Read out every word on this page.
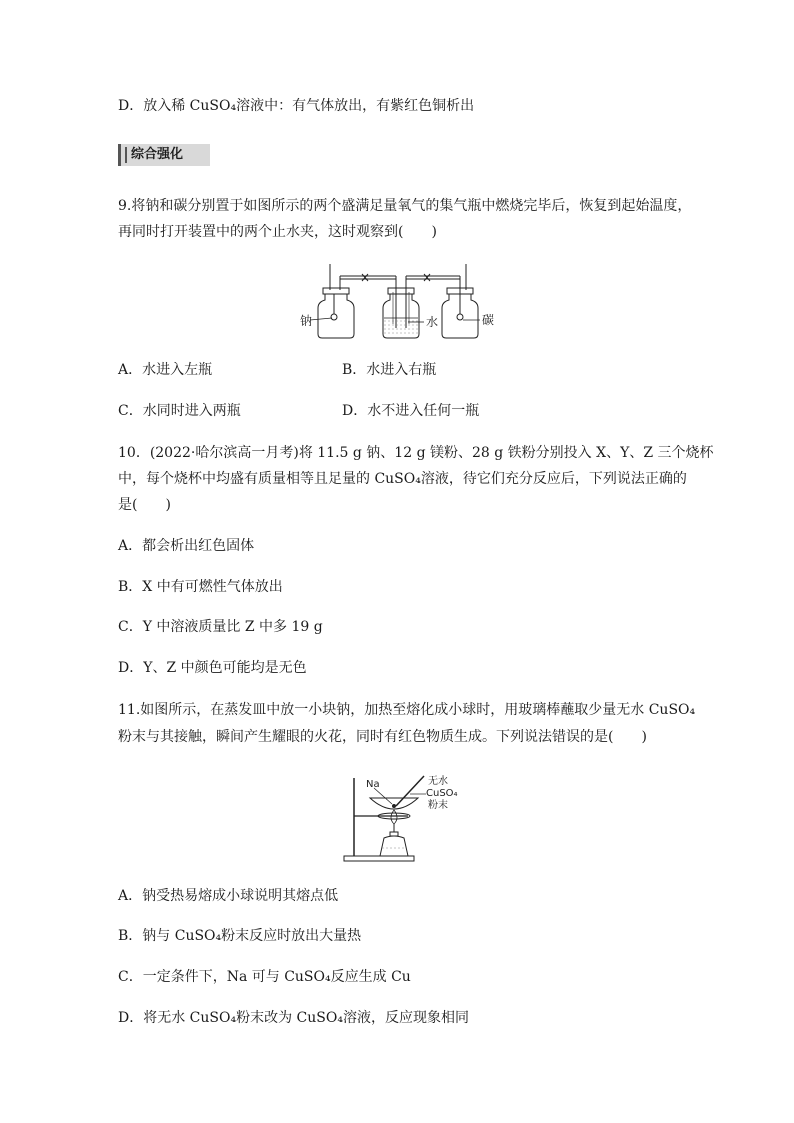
D．放入稀 CuSO₄溶液中：有气体放出，有紫红色铜析出
综合强化
9.将钠和碳分别置于如图所示的两个盛满足量氧气的集气瓶中燃烧完毕后，恢复到起始温度，
再同时打开装置中的两个止水夹，这时观察到(　　)
钠	水	碳
A．水进入左瓶	B．水进入右瓶
C．水同时进入两瓶	D．水不进入任何一瓶
10．(2022·哈尔滨高一月考)将 11.5 g 钠、12 g 镁粉、28 g 铁粉分别投入 X、Y、Z 三个烧杯
中，每个烧杯中均盛有质量相等且足量的 CuSO₄溶液，待它们充分反应后，下列说法正确的
是(　　)
A．都会析出红色固体
B．X 中有可燃性气体放出
C．Y 中溶液质量比 Z 中多 19 g
D．Y、Z 中颜色可能均是无色
11.如图所示，在蒸发皿中放一小块钠，加热至熔化成小球时，用玻璃棒蘸取少量无水 CuSO₄
粉末与其接触，瞬间产生耀眼的火花，同时有红色物质生成。下列说法错误的是(　　)
Na	无水
CuSO₄
粉末
A．钠受热易熔成小球说明其熔点低
B．钠与 CuSO₄粉末反应时放出大量热
C．一定条件下，Na 可与 CuSO₄反应生成 Cu
D．将无水 CuSO₄粉末改为 CuSO₄溶液，反应现象相同
